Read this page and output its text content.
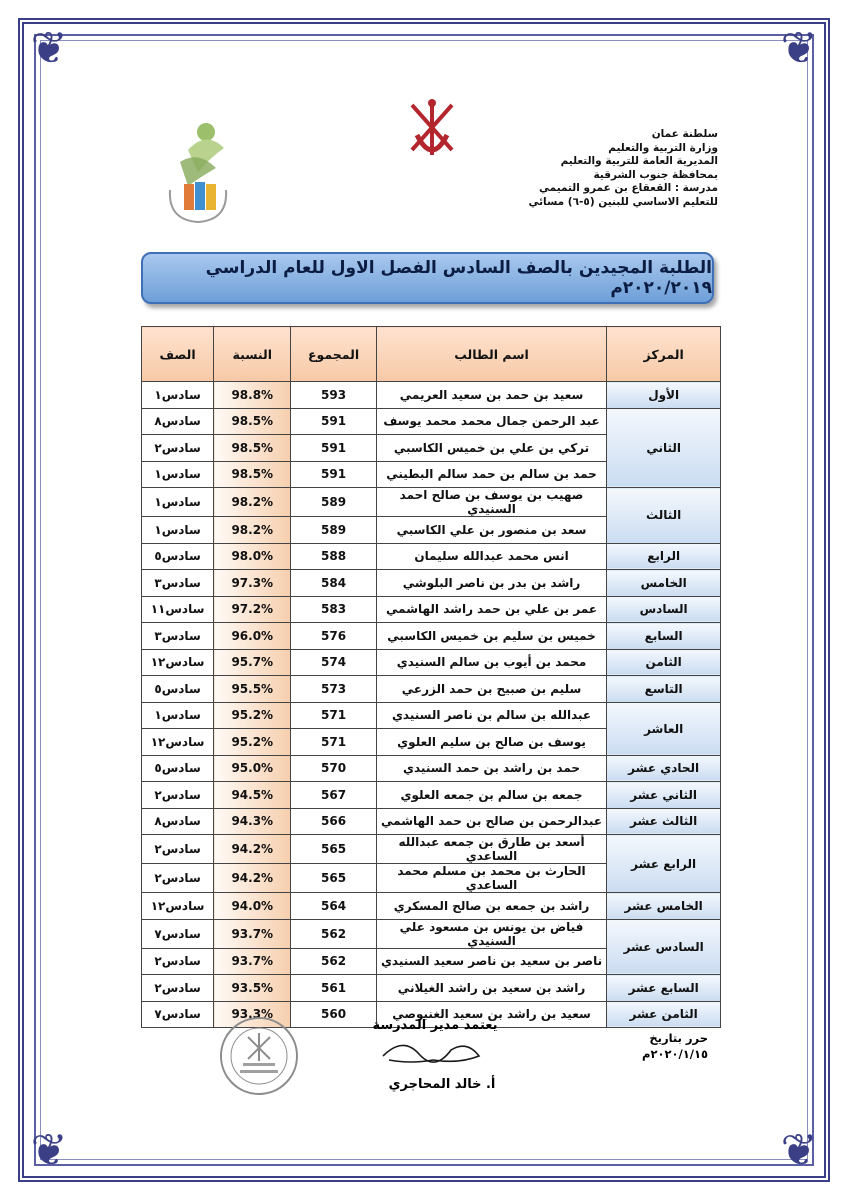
❦	❦
❦	❦
سلطنة عمان
وزارة التربية والتعليم
المديرية العامة للتربية والتعليم
بمحافظة جنوب الشرقية
مدرسة : القعقاع بن عمرو التميمي
للتعليم الاساسي للبنين (٥-٦) مسائي
الطلبة المجيدين بالصف السادس الفصل الاول للعام الدراسي ٢٠٢٠/٢٠١٩م
المركز	اسم الطالب	المجموع	النسبة	الصف
الأول	سعيد بن حمد بن سعيد العريمي	593	98.8%	سادس١
الثاني	عبد الرحمن جمال محمد محمد يوسف	591	98.5%	سادس٨
	تركي بن علي بن خميس الكاسبي	591	98.5%	سادس٢
	حمد بن سالم بن حمد سالم البطيني	591	98.5%	سادس١
الثالث	صهيب بن يوسف بن صالح احمد السنيدي	589	98.2%	سادس١
	سعد بن منصور بن علي الكاسبي	589	98.2%	سادس١
الرابع	انس محمد عبدالله سليمان	588	98.0%	سادس٥
الخامس	راشد بن بدر بن ناصر البلوشي	584	97.3%	سادس٣
السادس	عمر بن علي بن حمد راشد الهاشمي	583	97.2%	سادس١١
السابع	خميس بن سليم بن خميس الكاسبي	576	96.0%	سادس٣
الثامن	محمد بن أيوب بن سالم السنيدي	574	95.7%	سادس١٢
التاسع	سليم بن صبيح بن حمد الزرعي	573	95.5%	سادس٥
العاشر	عبدالله بن سالم بن ناصر السنيدي	571	95.2%	سادس١
	يوسف بن صالح بن سليم العلوي	571	95.2%	سادس١٢
الحادي عشر	حمد بن راشد بن حمد السنيدي	570	95.0%	سادس٥
الثاني عشر	جمعه بن سالم بن جمعه العلوي	567	94.5%	سادس٢
الثالث عشر	عبدالرحمن بن صالح بن حمد الهاشمي	566	94.3%	سادس٨
الرابع عشر	أسعد بن طارق بن جمعه عبدالله الساعدي	565	94.2%	سادس٢
	الحارث بن محمد بن مسلم محمد الساعدي	565	94.2%	سادس٢
الخامس عشر	راشد بن جمعه بن صالح المسكري	564	94.0%	سادس١٢
السادس عشر	فياض بن يونس بن مسعود علي السنيدي	562	93.7%	سادس٧
	ناصر بن سعيد بن ناصر سعيد السنيدي	562	93.7%	سادس٢
السابع عشر	راشد بن سعيد بن راشد الغيلاني	561	93.5%	سادس٢
الثامن عشر	سعيد بن راشد بن سعيد الغنبوصي	560	93.3%	سادس٧
حرر بتاريخ
٢٠٢٠/١/١٥م
يعتمد مدير المدرسة
أ. خالد المحاجري
